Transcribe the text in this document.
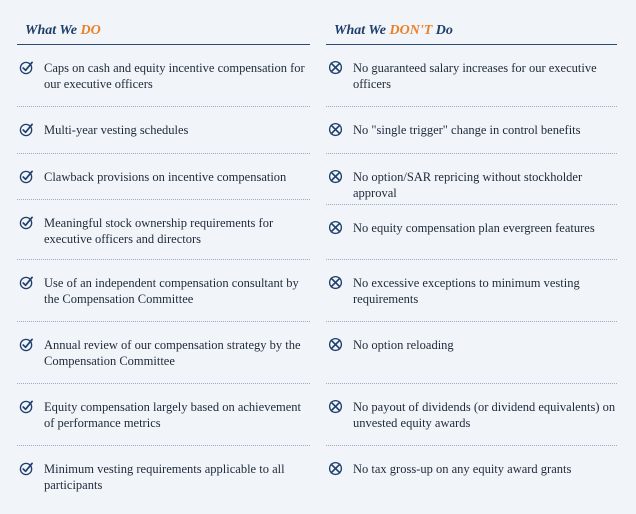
What We DO
Caps on cash and equity incentive compensation for our executive officers
Multi-year vesting schedules
Clawback provisions on incentive compensation
Meaningful stock ownership requirements for executive officers and directors
Use of an independent compensation consultant by the Compensation Committee
Annual review of our compensation strategy by the Compensation Committee
Equity compensation largely based on achievement of performance metrics
Minimum vesting requirements applicable to all participants
What We DON'T Do
No guaranteed salary increases for our executive officers
No "single trigger" change in control benefits
No option/SAR repricing without stockholder approval
No equity compensation plan evergreen features
No excessive exceptions to minimum vesting requirements
No option reloading
No payout of dividends (or dividend equivalents) on unvested equity awards
No tax gross-up on any equity award grants
